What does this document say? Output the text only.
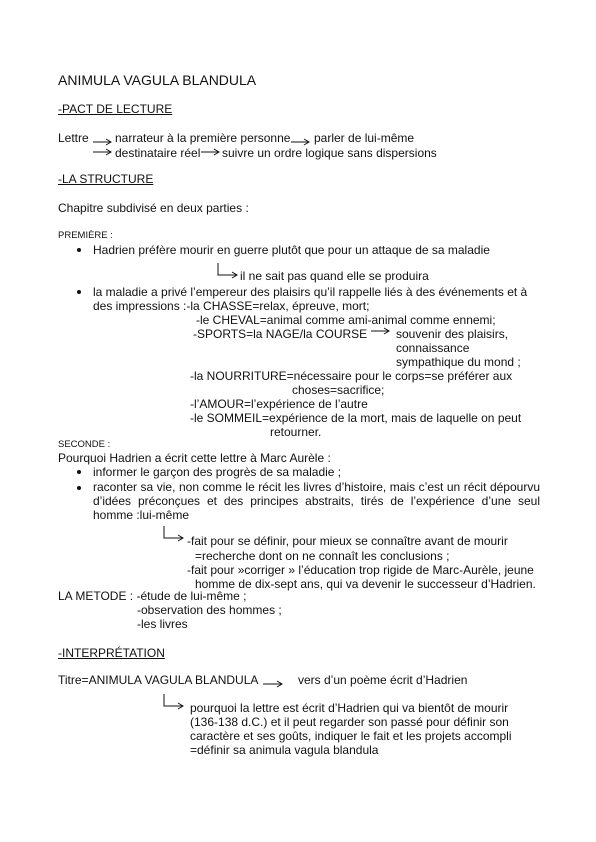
ANIMULA VAGULA BLANDULA
-PACT DE LECTURE
Lettre narrateur à la première personne parler de lui-même
destinataire réel suivre un ordre logique sans dispersions
-LA STRUCTURE
Chapitre subdivisé en deux parties :
PREMIÈRE :
Hadrien préfère mourir en guerre plutôt que pour un attaque de sa maladie
il ne sait pas quand elle se produira
la maladie a privé l’empereur des plaisirs qu’il rappelle liés à des événements et à
des impressions :-la CHASSE=relax, épreuve, mort;
-le CHEVAL=animal comme ami-animal comme ennemi;
-SPORTS=la NAGE/la COURSE souvenir des plaisirs,
connaissance
sympathique du mond ;
-la NOURRITURE=nécessaire pour le corps=se préférer aux
choses=sacrifice;
-l’AMOUR=l’expérience de l’autre
-le SOMMEIL=expérience de la mort, mais de laquelle on peut
retourner.
SECONDE :
Pourquoi Hadrien a écrit cette lettre à Marc Aurèle :
informer le garçon des progrès de sa maladie ;
raconter sa vie, non comme le récit les livres d’histoire, mais c’est un récit dépourvu d’idées préconçues et des principes abstraits, tirés de l’expérience d’une seul homme :lui-même
-fait pour se définir, pour mieux se connaître avant de mourir
=recherche dont on ne connaît les conclusions ;
-fait pour »corriger » l’éducation trop rigide de Marc-Aurèle, jeune
homme de dix-sept ans, qui va devenir le successeur d’Hadrien.
LA METODE : -étude de lui-même ;
-observation des hommes ;
-les livres
-INTERPRÉTATION
Titre=ANIMULA VAGULA BLANDULA	vers d’un poème écrit d’Hadrien
pourquoi la lettre est écrit d’Hadrien qui va bientôt de mourir
(136-138 d.C.) et il peut regarder son passé pour définir son
caractère et ses goûts, indiquer le fait et les projets accompli
=définir sa animula vagula blandula
